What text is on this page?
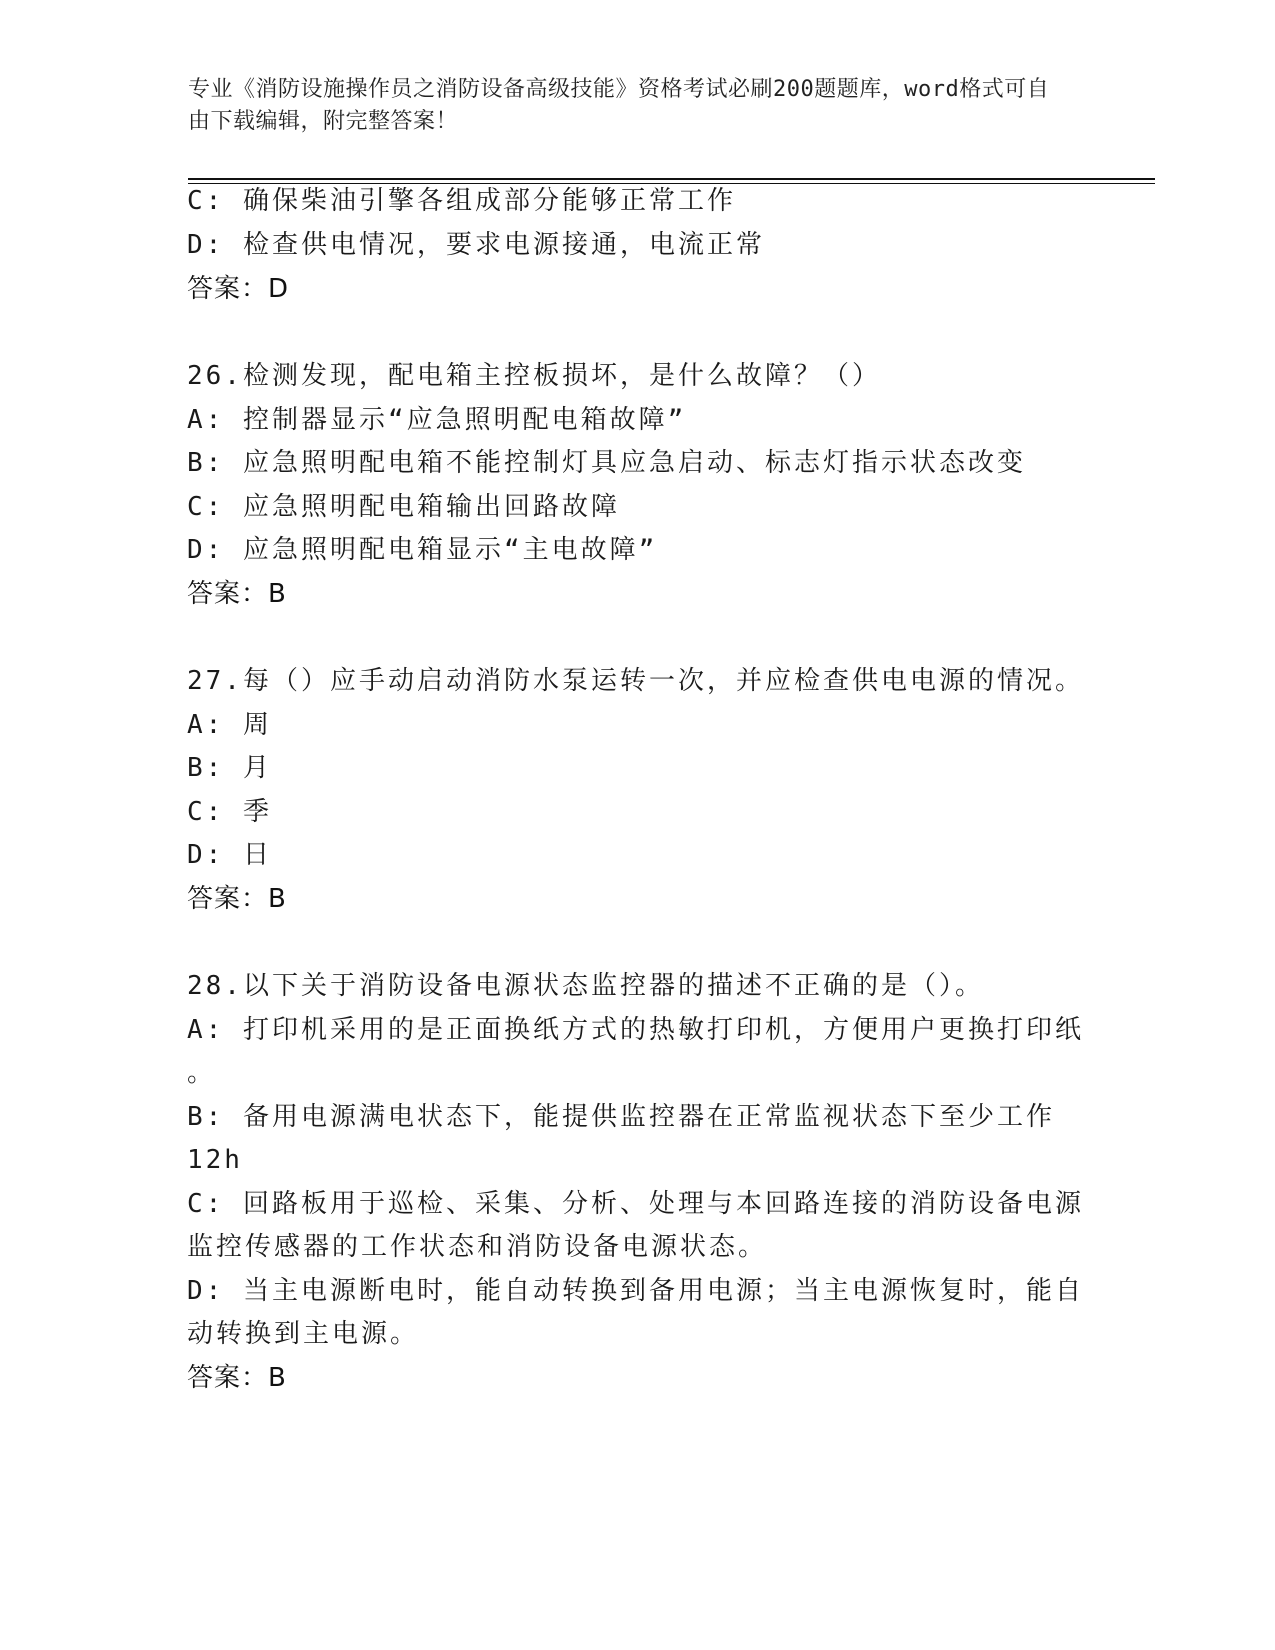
专业《消防设施操作员之消防设备高级技能》资格考试必刷200题题库，word格式可自由下载编辑，附完整答案！
C: 确保柴油引擎各组成部分能够正常工作
D: 检查供电情况，要求电源接通，电流正常
答案：D
26.检测发现，配电箱主控板损坏，是什么故障？（）
A: 控制器显示“应急照明配电箱故障”
B: 应急照明配电箱不能控制灯具应急启动、标志灯指示状态改变
C: 应急照明配电箱输出回路故障
D: 应急照明配电箱显示“主电故障”
答案：B
27.每（）应手动启动消防水泵运转一次，并应检查供电电源的情况。
A: 周
B: 月
C: 季
D: 日
答案：B
28.以下关于消防设备电源状态监控器的描述不正确的是（）。
A: 打印机采用的是正面换纸方式的热敏打印机，方便用户更换打印纸
。
B: 备用电源满电状态下，能提供监控器在正常监视状态下至少工作
12h
C: 回路板用于巡检、采集、分析、处理与本回路连接的消防设备电源
监控传感器的工作状态和消防设备电源状态。
D: 当主电源断电时，能自动转换到备用电源；当主电源恢复时，能自
动转换到主电源。
答案：B
